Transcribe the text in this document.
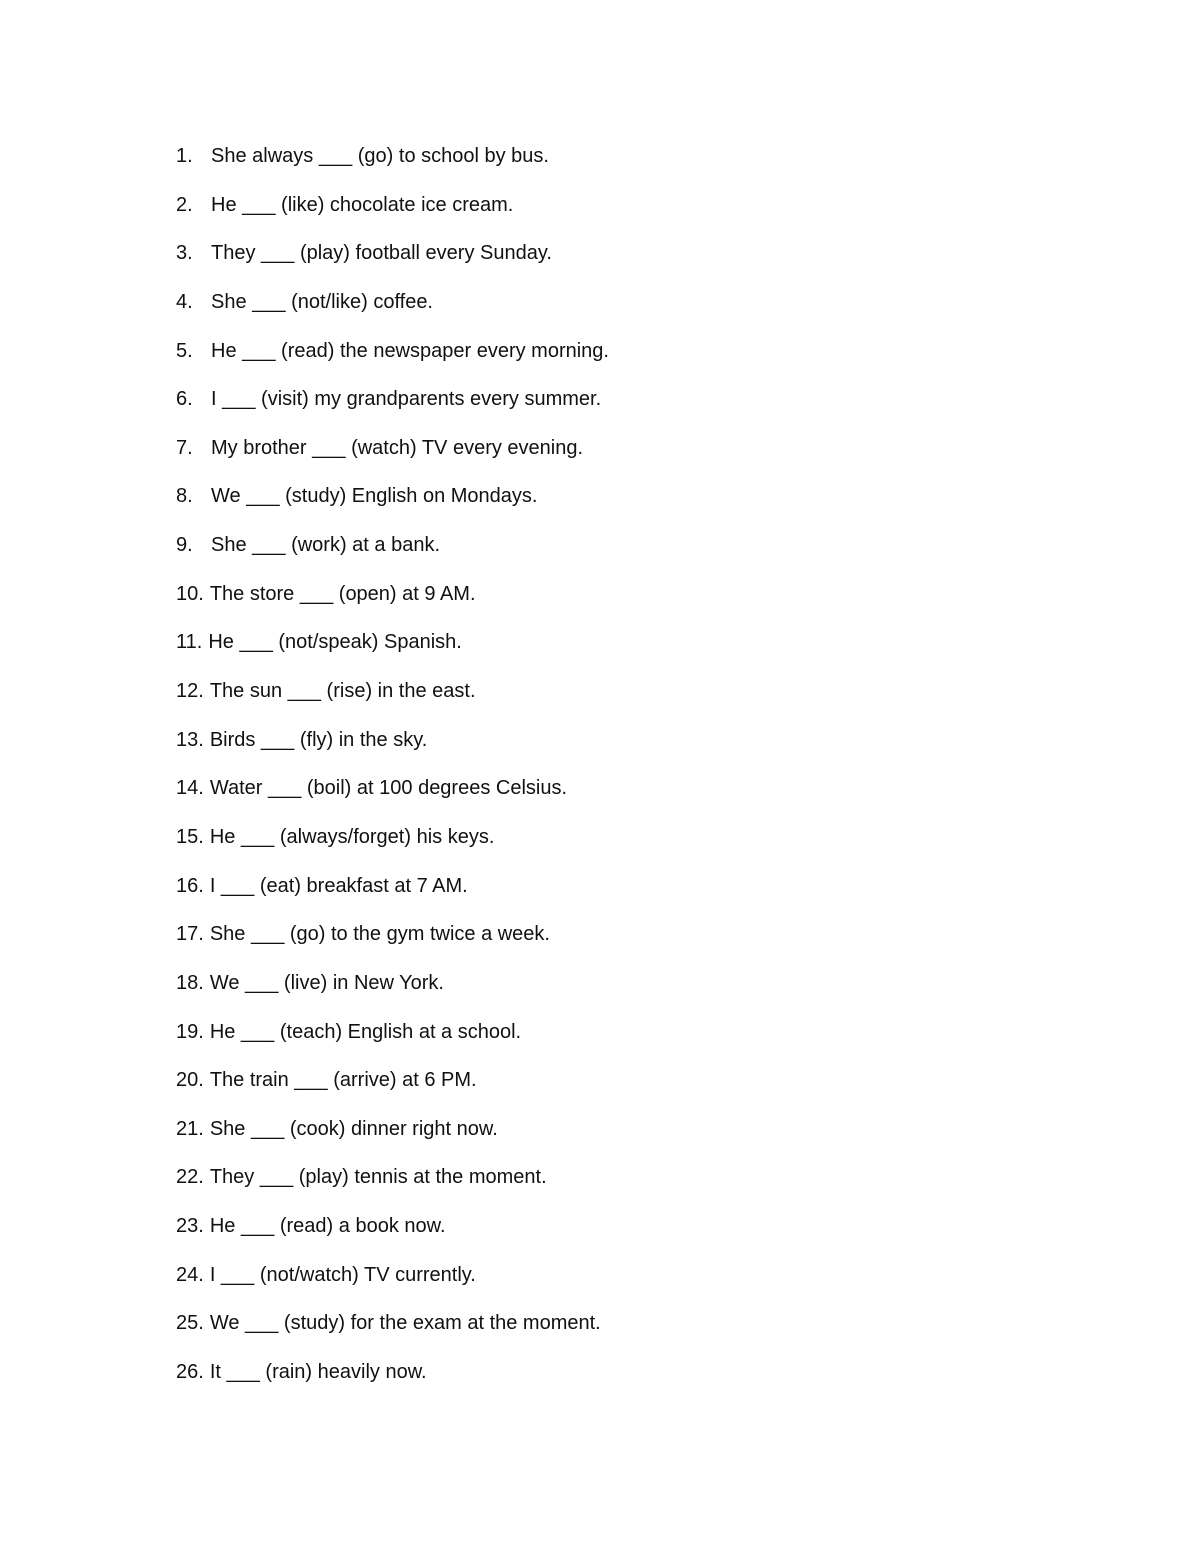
1. She always ___ (go) to school by bus.
2. He ___ (like) chocolate ice cream.
3. They ___ (play) football every Sunday.
4. She ___ (not/like) coffee.
5. He ___ (read) the newspaper every morning.
6. I ___ (visit) my grandparents every summer.
7. My brother ___ (watch) TV every evening.
8. We ___ (study) English on Mondays.
9. She ___ (work) at a bank.
10. The store ___ (open) at 9 AM.
11. He ___ (not/speak) Spanish.
12. The sun ___ (rise) in the east.
13. Birds ___ (fly) in the sky.
14. Water ___ (boil) at 100 degrees Celsius.
15. He ___ (always/forget) his keys.
16. I ___ (eat) breakfast at 7 AM.
17. She ___ (go) to the gym twice a week.
18. We ___ (live) in New York.
19. He ___ (teach) English at a school.
20. The train ___ (arrive) at 6 PM.
21. She ___ (cook) dinner right now.
22. They ___ (play) tennis at the moment.
23. He ___ (read) a book now.
24. I ___ (not/watch) TV currently.
25. We ___ (study) for the exam at the moment.
26. It ___ (rain) heavily now.
